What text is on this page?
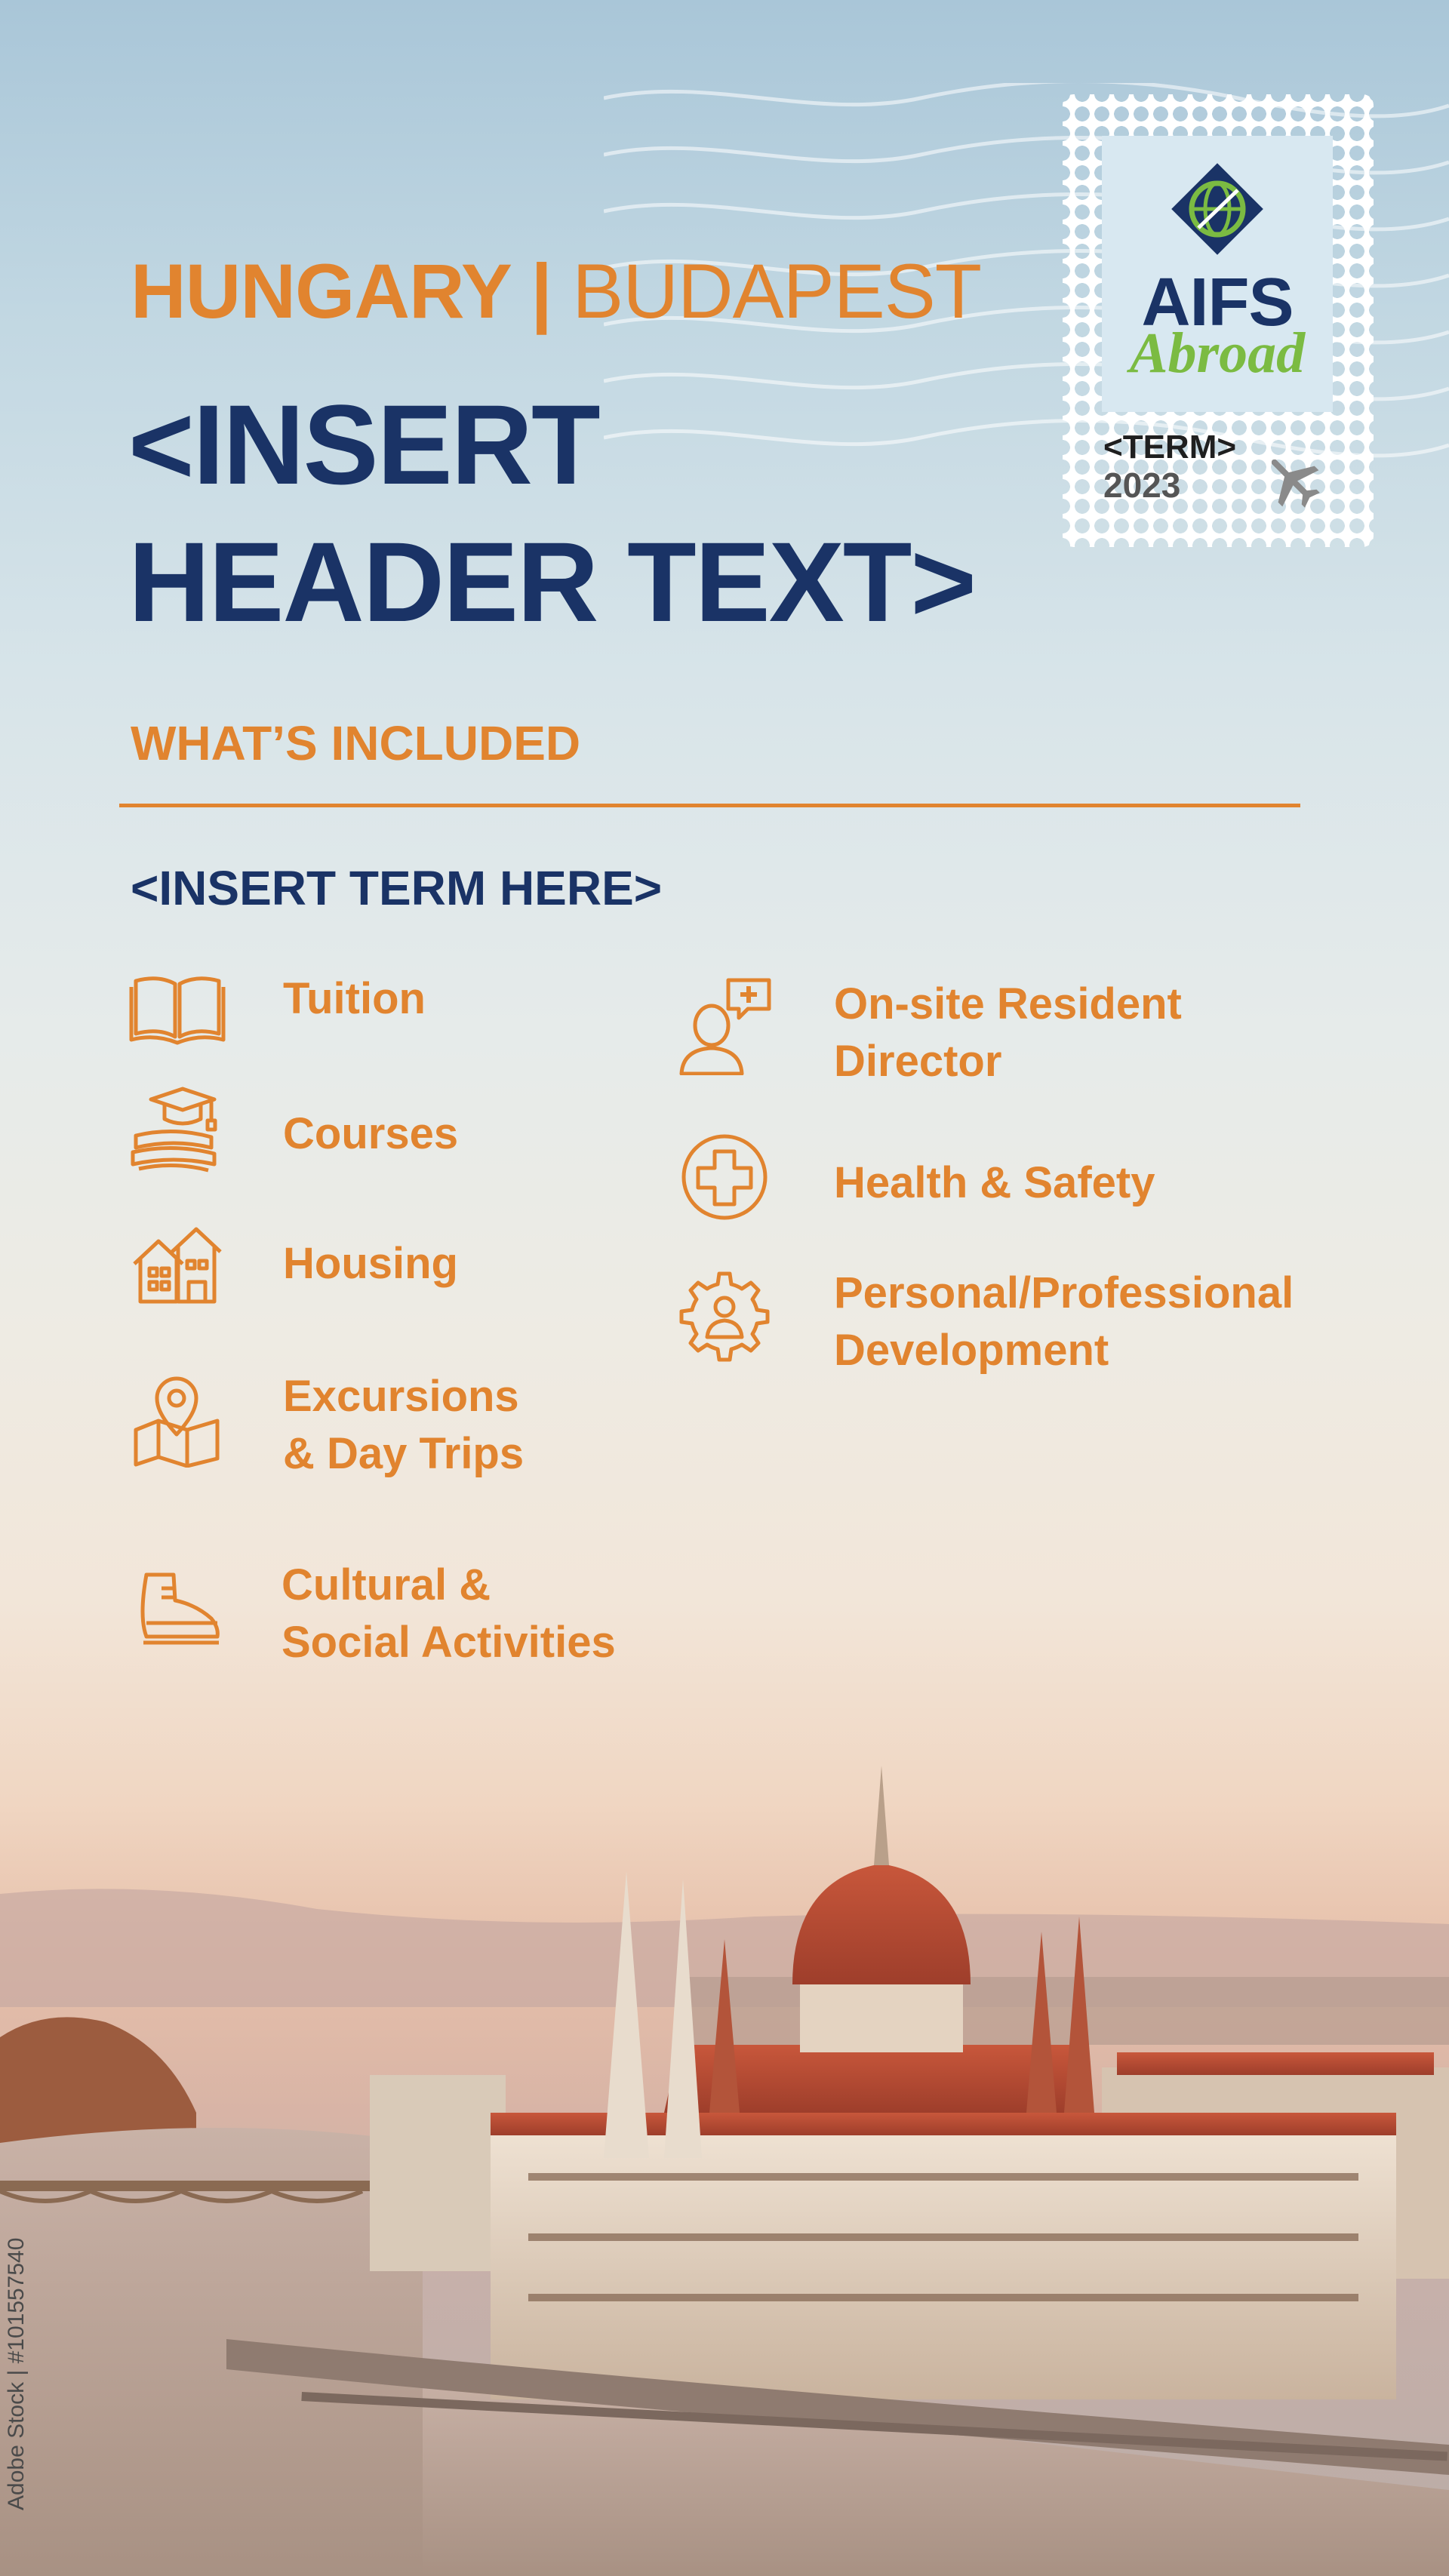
HUNGARY | BUDAPEST
<INSERT HEADER TEXT>
AIFS
Abroad
<TERM>
2023
WHAT’S INCLUDED
<INSERT TERM HERE>
Tuition
Courses
Housing
Excursions
& Day Trips
Cultural &
Social Activities
On-site Resident
Director
Health & Safety
Personal/Professional
Development
Adobe Stock | #101557540
